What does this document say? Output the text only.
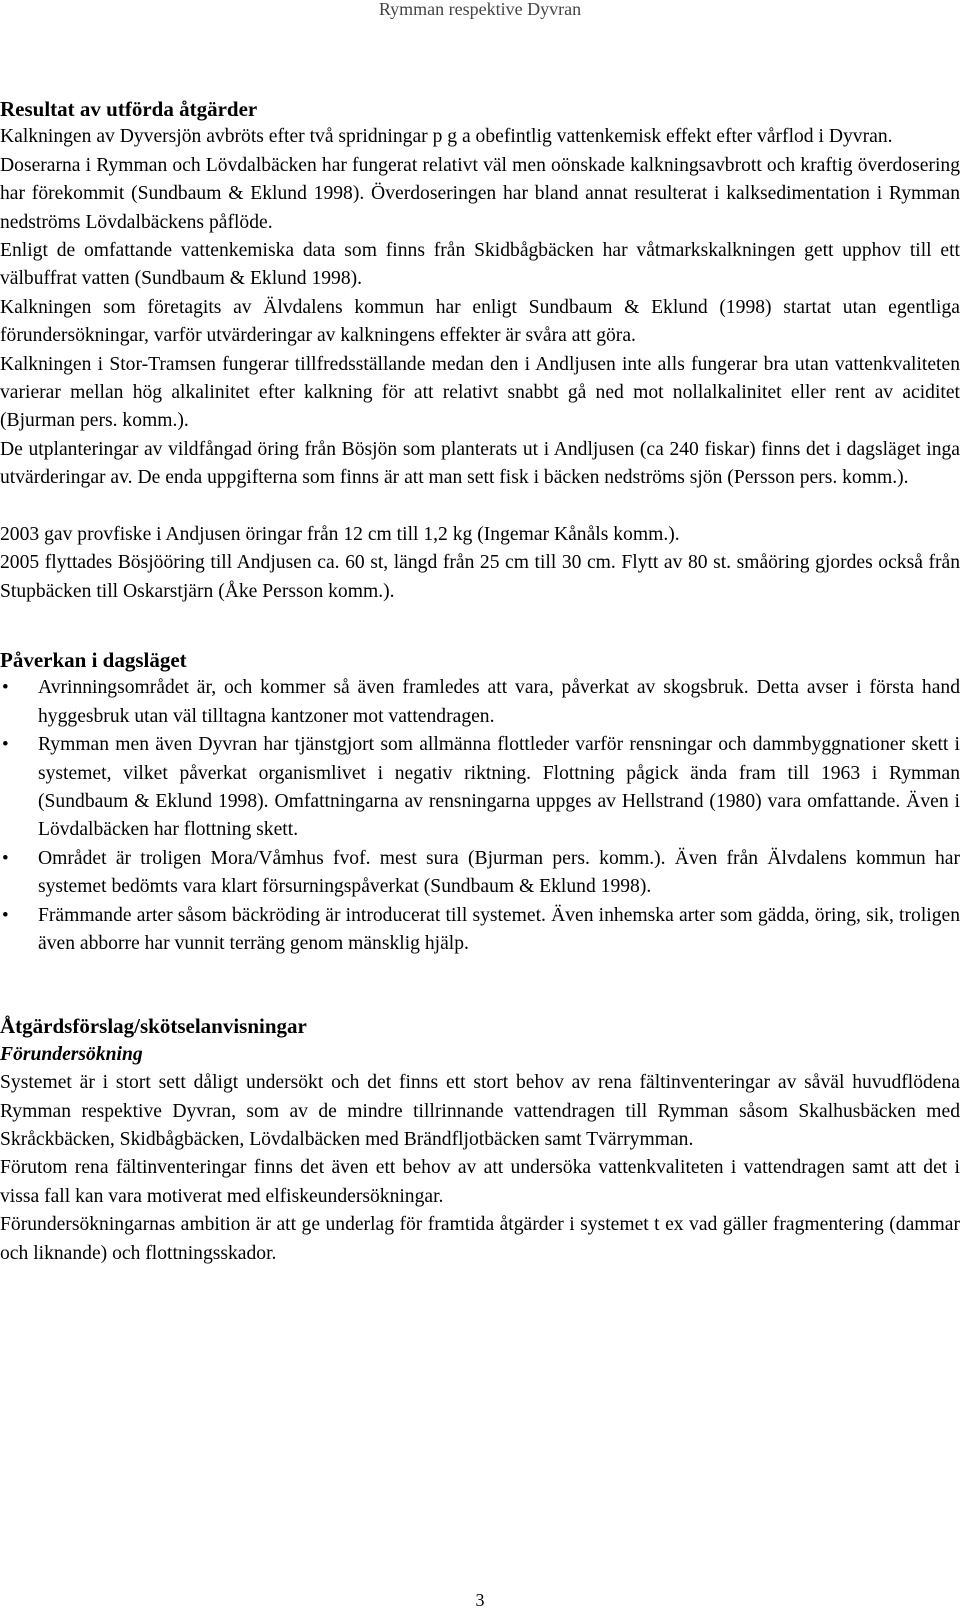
Rymman respektive Dyvran
Resultat av utförda åtgärder
Kalkningen av Dyversjön avbröts efter två spridningar p g a obefintlig vattenkemisk effekt efter vårflod i Dyvran.
Doserarna i Rymman och Lövdalbäcken har fungerat relativt väl men oönskade kalkningsavbrott och kraftig överdosering har förekommit (Sundbaum & Eklund 1998). Överdoseringen har bland annat resulterat i kalksedimentation i Rymman nedströms Lövdalbäckens påflöde.
Enligt de omfattande vattenkemiska data som finns från Skidbågbäcken har våtmarkskalkningen gett upphov till ett välbuffrat vatten (Sundbaum & Eklund 1998).
Kalkningen som företagits av Älvdalens kommun har enligt Sundbaum & Eklund (1998) startat utan egentliga förundersökningar, varför utvärderingar av kalkningens effekter är svåra att göra.
Kalkningen i Stor-Tramsen fungerar tillfredsställande medan den i Andljusen inte alls fungerar bra utan vattenkvaliteten varierar mellan hög alkalinitet efter kalkning för att relativt snabbt gå ned mot nollalkalinitet eller rent av aciditet (Bjurman pers. komm.).
De utplanteringar av vildfångad öring från Bösjön som planterats ut i Andljusen (ca 240 fiskar) finns det i dagsläget inga utvärderingar av. De enda uppgifterna som finns är att man sett fisk i bäcken nedströms sjön (Persson pers. komm.).
2003 gav provfiske i Andjusen öringar från 12 cm till 1,2 kg (Ingemar Kånåls komm.).
2005 flyttades Bösjööring till Andjusen ca. 60 st, längd från 25 cm till 30 cm. Flytt av 80 st. småöring gjordes också från Stupbäcken till Oskarstjärn (Åke Persson komm.).
Påverkan i dagsläget
• Avrinningsområdet är, och kommer så även framledes att vara, påverkat av skogsbruk. Detta avser i första hand hyggesbruk utan väl tilltagna kantzoner mot vattendragen.
• Rymman men även Dyvran har tjänstgjort som allmänna flottleder varför rensningar och dammbyggnationer skett i systemet, vilket påverkat organismlivet i negativ riktning. Flottning pågick ända fram till 1963 i Rymman (Sundbaum & Eklund 1998). Omfattningarna av rensningarna uppges av Hellstrand (1980) vara omfattande. Även i Lövdalbäcken har flottning skett.
• Området är troligen Mora/Våmhus fvof. mest sura (Bjurman pers. komm.). Även från Älvdalens kommun har systemet bedömts vara klart försurningspåverkat (Sundbaum & Eklund 1998).
• Främmande arter såsom bäckröding är introducerat till systemet. Även inhemska arter som gädda, öring, sik, troligen även abborre har vunnit terräng genom mänsklig hjälp.
Åtgärdsförslag/skötselanvisningar
Förundersökning
Systemet är i stort sett dåligt undersökt och det finns ett stort behov av rena fältinventeringar av såväl huvudflödena Rymman respektive Dyvran, som av de mindre tillrinnande vattendragen till Rymman såsom Skalhusbäcken med Skråckbäcken, Skidbågbäcken, Lövdalbäcken med Brändfljotbäcken samt Tvärrymman.
Förutom rena fältinventeringar finns det även ett behov av att undersöka vattenkvaliteten i vattendragen samt att det i vissa fall kan vara motiverat med elfiskeundersökningar.
Förundersökningarnas ambition är att ge underlag för framtida åtgärder i systemet t ex vad gäller fragmentering (dammar och liknande) och flottningsskador.
3
